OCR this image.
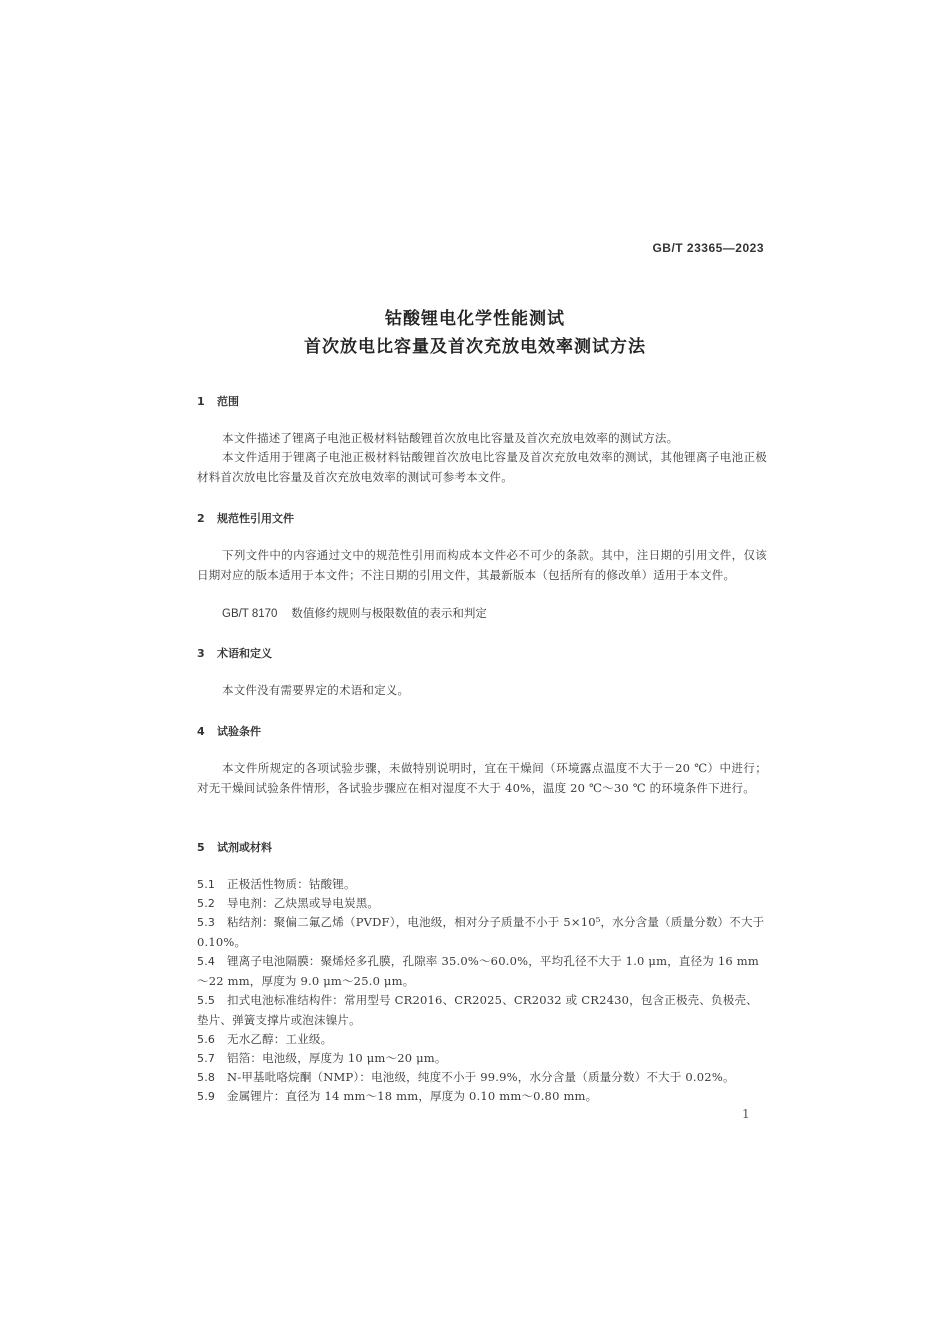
GB/T 23365—2023
钴酸锂电化学性能测试
首次放电比容量及首次充放电效率测试方法
1 范围
本文件描述了锂离子电池正极材料钴酸锂首次放电比容量及首次充放电效率的测试方法。
本文件适用于锂离子电池正极材料钴酸锂首次放电比容量及首次充放电效率的测试，其他锂离子电池正极材料首次放电比容量及首次充放电效率的测试可参考本文件。
2 规范性引用文件
下列文件中的内容通过文中的规范性引用而构成本文件必不可少的条款。其中，注日期的引用文件，仅该日期对应的版本适用于本文件；不注日期的引用文件，其最新版本（包括所有的修改单）适用于本文件。
GB/T 8170 数值修约规则与极限数值的表示和判定
3 术语和定义
本文件没有需要界定的术语和定义。
4 试验条件
本文件所规定的各项试验步骤，未做特别说明时，宜在干燥间（环境露点温度不大于－20 ℃）中进行；对无干燥间试验条件情形，各试验步骤应在相对湿度不大于 40%，温度 20 ℃～30 ℃ 的环境条件下进行。
5 试剂或材料
5.1 正极活性物质：钴酸锂。
5.2 导电剂：乙炔黑或导电炭黑。
5.3 粘结剂：聚偏二氟乙烯（PVDF），电池级，相对分子质量不小于 5×10⁵，水分含量（质量分数）不大于 0.10%。
5.4 锂离子电池隔膜：聚烯烃多孔膜，孔隙率 35.0%～60.0%，平均孔径不大于 1.0 μm，直径为 16 mm～22 mm，厚度为 9.0 μm～25.0 μm。
5.5 扣式电池标准结构件：常用型号 CR2016、CR2025、CR2032 或 CR2430，包含正极壳、负极壳、垫片、弹簧支撑片或泡沫镍片。
5.6 无水乙醇：工业级。
5.7 铝箔：电池级，厚度为 10 μm～20 μm。
5.8 N-甲基吡咯烷酮（NMP）：电池级，纯度不小于 99.9%，水分含量（质量分数）不大于 0.02%。
5.9 金属锂片：直径为 14 mm～18 mm，厚度为 0.10 mm～0.80 mm。
1
